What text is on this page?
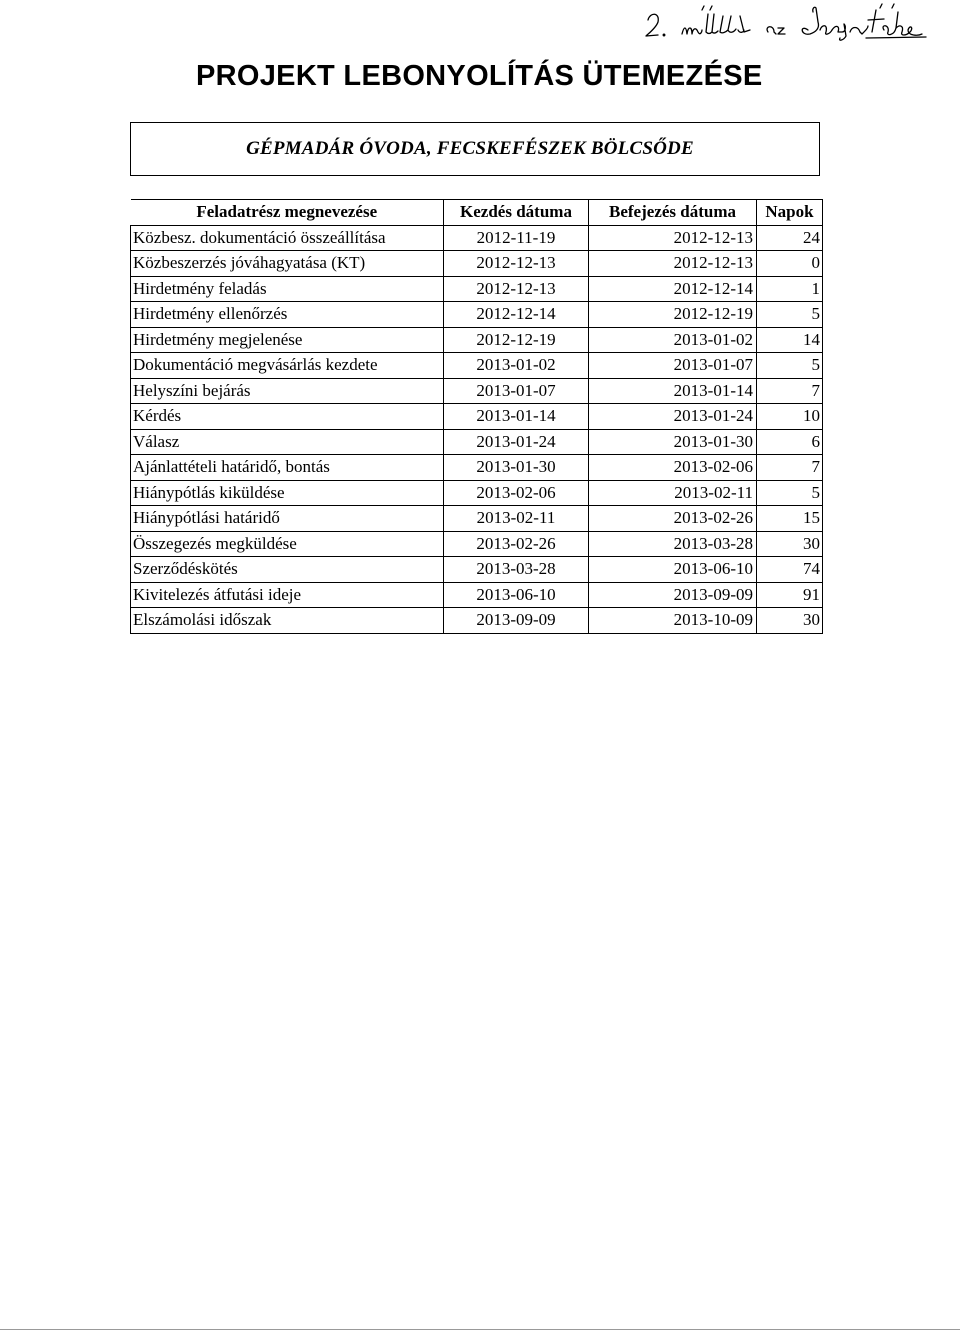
PROJEKT LEBONYOLÍTÁS ÜTEMEZÉSE
GÉPMADÁR ÓVODA, FECSKEFÉSZEK BÖLCSŐDE
Feladatrész megnevezése	Kezdés dátuma	Befejezés dátuma	Napok
Közbesz. dokumentáció összeállítása	2012-11-19	2012-12-13	24
Közbeszerzés jóváhagyatása (KT)	2012-12-13	2012-12-13	0
Hirdetmény feladás	2012-12-13	2012-12-14	1
Hirdetmény ellenőrzés	2012-12-14	2012-12-19	5
Hirdetmény megjelenése	2012-12-19	2013-01-02	14
Dokumentáció megvásárlás kezdete	2013-01-02	2013-01-07	5
Helyszíni bejárás	2013-01-07	2013-01-14	7
Kérdés	2013-01-14	2013-01-24	10
Válasz	2013-01-24	2013-01-30	6
Ajánlattételi határidő, bontás	2013-01-30	2013-02-06	7
Hiánypótlás kiküldése	2013-02-06	2013-02-11	5
Hiánypótlási határidő	2013-02-11	2013-02-26	15
Összegezés megküldése	2013-02-26	2013-03-28	30
Szerződéskötés	2013-03-28	2013-06-10	74
Kivitelezés átfutási ideje	2013-06-10	2013-09-09	91
Elszámolási időszak	2013-09-09	2013-10-09	30
